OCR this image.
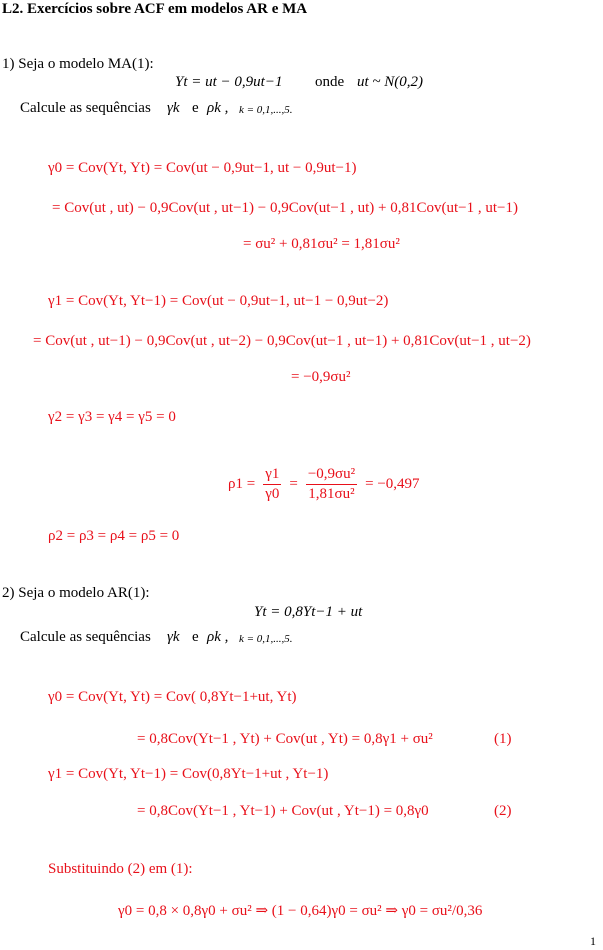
L2. Exercícios sobre ACF em modelos AR e MA
1) Seja o modelo MA(1):
Yt = ut − 0,9ut−1 onde ut ~ N(0,2)
Calcule as sequências γk e ρk , k = 0,1,...,5.
γ0 = Cov(Yt, Yt) = Cov(ut − 0,9ut−1, ut − 0,9ut−1)
= Cov(ut , ut) − 0,9Cov(ut , ut−1) − 0,9Cov(ut−1 , ut) + 0,81Cov(ut−1 , ut−1)
= σu² + 0,81σu² = 1,81σu²
γ1 = Cov(Yt, Yt−1) = Cov(ut − 0,9ut−1, ut−1 − 0,9ut−2)
= Cov(ut , ut−1) − 0,9Cov(ut , ut−2) − 0,9Cov(ut−1 , ut−1) + 0,81Cov(ut−1 , ut−2)
= −0,9σu²
γ2 = γ3 = γ4 = γ5 = 0
$\rho 1 = \frac{\gamma 1}{\gamma 0} = \frac{\text{−0,9σu²}}{\text{1,81σu²}} = -0,497$
ρ2 = ρ3 = ρ4 = ρ5 = 0
2) Seja o modelo AR(1):
Yt = 0,8Yt−1 + ut
Calcule as sequências γk e ρk , k = 0,1,...,5.
γ0 = Cov(Yt, Yt) = Cov( 0,8Yt−1+ut, Yt)
= 0,8Cov(Yt−1 , Yt) + Cov(ut , Yt) = 0,8γ1 + σu²	(1)
γ1 = Cov(Yt, Yt−1) = Cov(0,8Yt−1+ut , Yt−1)
= 0,8Cov(Yt−1 , Yt−1) + Cov(ut , Yt−1) = 0,8γ0	(2)
Substituindo (2) em (1):
γ0 = 0,8 × 0,8γ0 + σu² ⇒ (1 − 0,64)γ0 = σu² ⇒ γ0 = σu²/0,36
1
